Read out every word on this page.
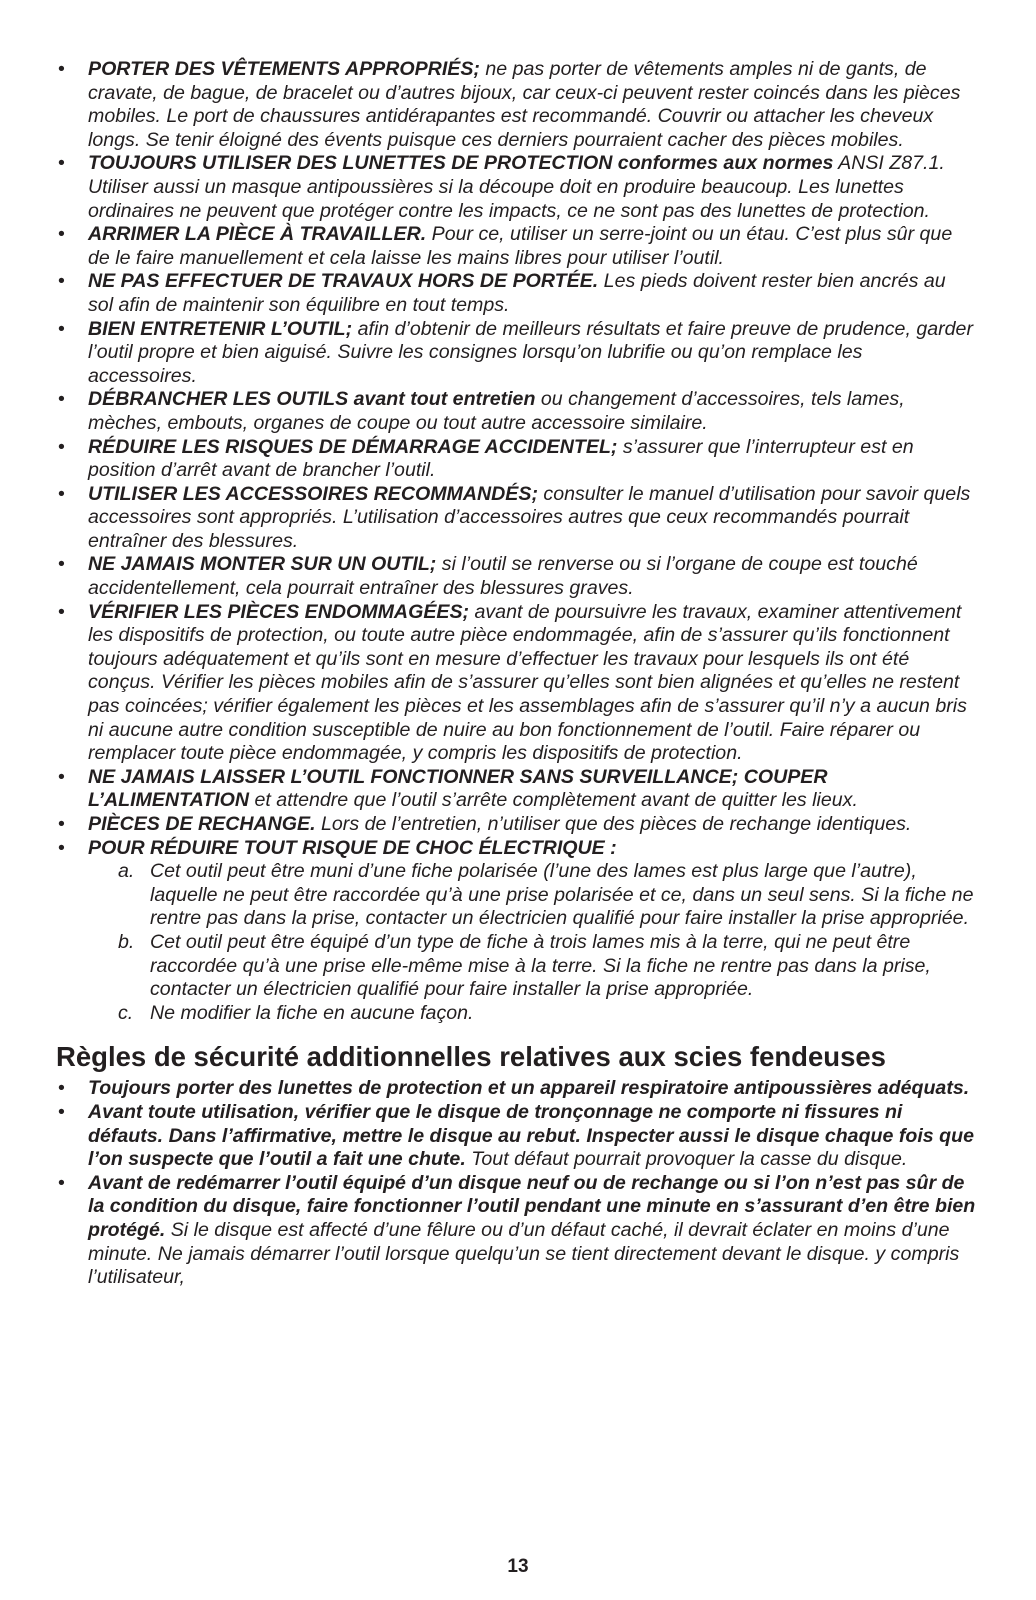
• PORTER DES VÊTEMENTS APPROPRIÉS; ne pas porter de vêtements amples ni de gants, de cravate, de bague, de bracelet ou d’autres bijoux, car ceux-ci peuvent rester coincés dans les pièces mobiles. Le port de chaussures antidérapantes est recommandé. Couvrir ou attacher les cheveux longs. Se tenir éloigné des évents puisque ces derniers pourraient cacher des pièces mobiles.
• TOUJOURS UTILISER DES LUNETTES DE PROTECTION conformes aux normes ANSI Z87.1. Utiliser aussi un masque antipoussières si la découpe doit en produire beaucoup. Les lunettes ordinaires ne peuvent que protéger contre les impacts, ce ne sont pas des lunettes de protection.
• ARRIMER LA PIÈCE À TRAVAILLER. Pour ce, utiliser un serre-joint ou un étau. C’est plus sûr que de le faire manuellement et cela laisse les mains libres pour utiliser l’outil.
• NE PAS EFFECTUER DE TRAVAUX HORS DE PORTÉE. Les pieds doivent rester bien ancrés au sol afin de maintenir son équilibre en tout temps.
• BIEN ENTRETENIR L’OUTIL; afin d’obtenir de meilleurs résultats et faire preuve de prudence, garder l’outil propre et bien aiguisé. Suivre les consignes lorsqu’on lubrifie ou qu’on remplace les accessoires.
• DÉBRANCHER LES OUTILS avant tout entretien ou changement d’accessoires, tels lames, mèches, embouts, organes de coupe ou tout autre accessoire similaire.
• RÉDUIRE LES RISQUES DE DÉMARRAGE ACCIDENTEL; s’assurer que l’interrupteur est en position d’arrêt avant de brancher l’outil.
• UTILISER LES ACCESSOIRES RECOMMANDÉS; consulter le manuel d’utilisation pour savoir quels accessoires sont appropriés. L’utilisation d’accessoires autres que ceux recommandés pourrait entraîner des blessures.
• NE JAMAIS MONTER SUR UN OUTIL; si l’outil se renverse ou si l’organe de coupe est touché accidentellement, cela pourrait entraîner des blessures graves.
• VÉRIFIER LES PIÈCES ENDOMMAGÉES; avant de poursuivre les travaux, examiner attentivement les dispositifs de protection, ou toute autre pièce endommagée, afin de s’assurer qu’ils fonctionnent toujours adéquatement et qu’ils sont en mesure d’effectuer les travaux pour lesquels ils ont été conçus. Vérifier les pièces mobiles afin de s’assurer qu’elles sont bien alignées et qu’elles ne restent pas coincées; vérifier également les pièces et les assemblages afin de s’assurer qu’il n’y a aucun bris ni aucune autre condition susceptible de nuire au bon fonctionnement de l’outil. Faire réparer ou remplacer toute pièce endommagée, y compris les dispositifs de protection.
• NE JAMAIS LAISSER L’OUTIL FONCTIONNER SANS SURVEILLANCE; COUPER L’ALIMENTATION et attendre que l’outil s’arrête complètement avant de quitter les lieux.
• PIÈCES DE RECHANGE. Lors de l’entretien, n’utiliser que des pièces de rechange identiques.
• POUR RÉDUIRE TOUT RISQUE DE CHOC ÉLECTRIQUE :
a. Cet outil peut être muni d’une fiche polarisée (l’une des lames est plus large que l’autre), laquelle ne peut être raccordée qu’à une prise polarisée et ce, dans un seul sens. Si la fiche ne rentre pas dans la prise, contacter un électricien qualifié pour faire installer la prise appropriée.
b. Cet outil peut être équipé d’un type de fiche à trois lames mis à la terre, qui ne peut être raccordée qu’à une prise elle-même mise à la terre. Si la fiche ne rentre pas dans la prise, contacter un électricien qualifié pour faire installer la prise appropriée.
c. Ne modifier la fiche en aucune façon.
Règles de sécurité additionnelles relatives aux scies fendeuses
• Toujours porter des lunettes de protection et un appareil respiratoire antipoussières adéquats.
• Avant toute utilisation, vérifier que le disque de tronçonnage ne comporte ni fissures ni défauts. Dans l’affirmative, mettre le disque au rebut. Inspecter aussi le disque chaque fois que l’on suspecte que l’outil a fait une chute. Tout défaut pourrait provoquer la casse du disque.
• Avant de redémarrer l’outil équipé d’un disque neuf ou de rechange ou si l’on n’est pas sûr de la condition du disque, faire fonctionner l’outil pendant une minute en s’assurant d’en être bien protégé. Si le disque est affecté d’une fêlure ou d’un défaut caché, il devrait éclater en moins d’une minute. Ne jamais démarrer l’outil lorsque quelqu’un se tient directement devant le disque. y compris l’utilisateur,
13
